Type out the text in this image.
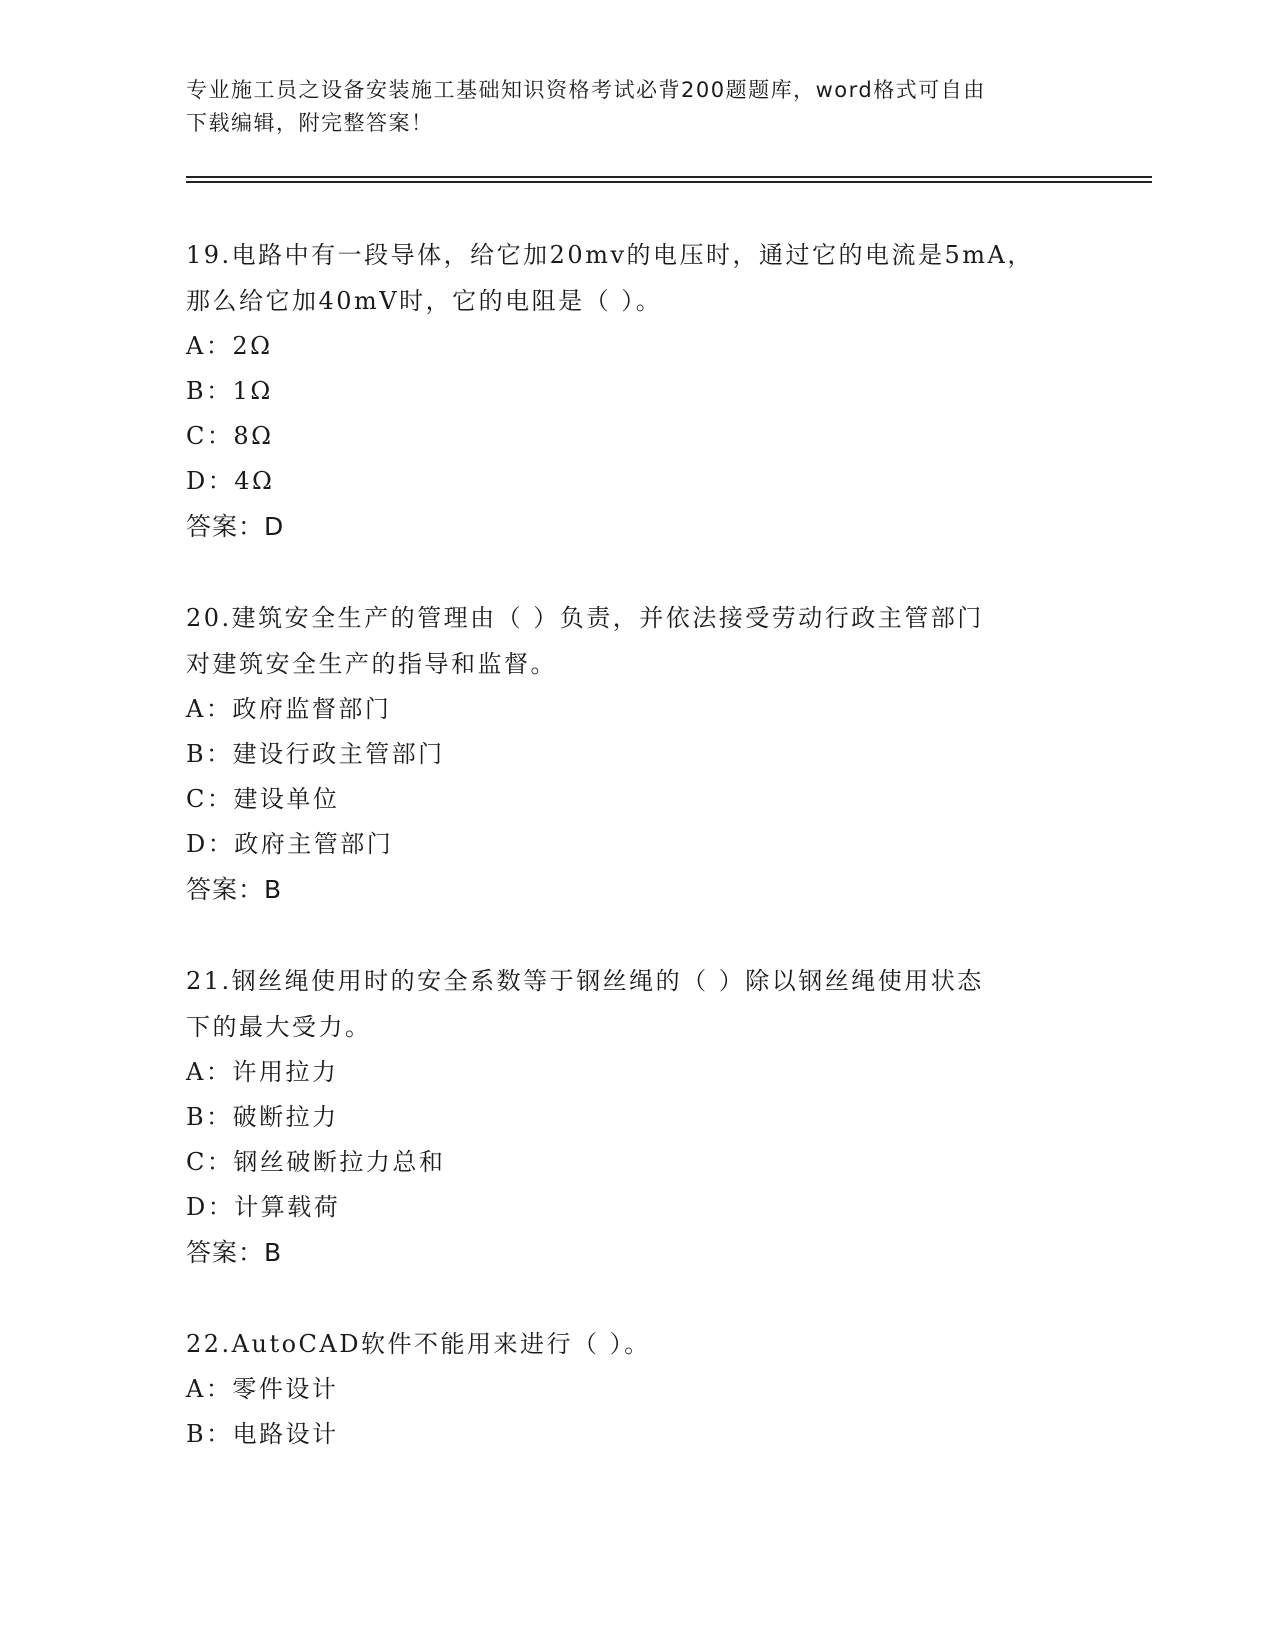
专业施工员之设备安装施工基础知识资格考试必背200题题库，word格式可自由
下载编辑，附完整答案！
19.电路中有一段导体，给它加20mv的电压时，通过它的电流是5mA，
那么给它加40mV时，它的电阻是（ ）。
A：2Ω
B：1Ω
C：8Ω
D：4Ω
答案：D
20.建筑安全生产的管理由（ ）负责，并依法接受劳动行政主管部门
对建筑安全生产的指导和监督。
A：政府监督部门
B：建设行政主管部门
C：建设单位
D：政府主管部门
答案：B
21.钢丝绳使用时的安全系数等于钢丝绳的（ ）除以钢丝绳使用状态
下的最大受力。
A：许用拉力
B：破断拉力
C：钢丝破断拉力总和
D：计算载荷
答案：B
22.AutoCAD软件不能用来进行（ ）。
A：零件设计
B：电路设计
